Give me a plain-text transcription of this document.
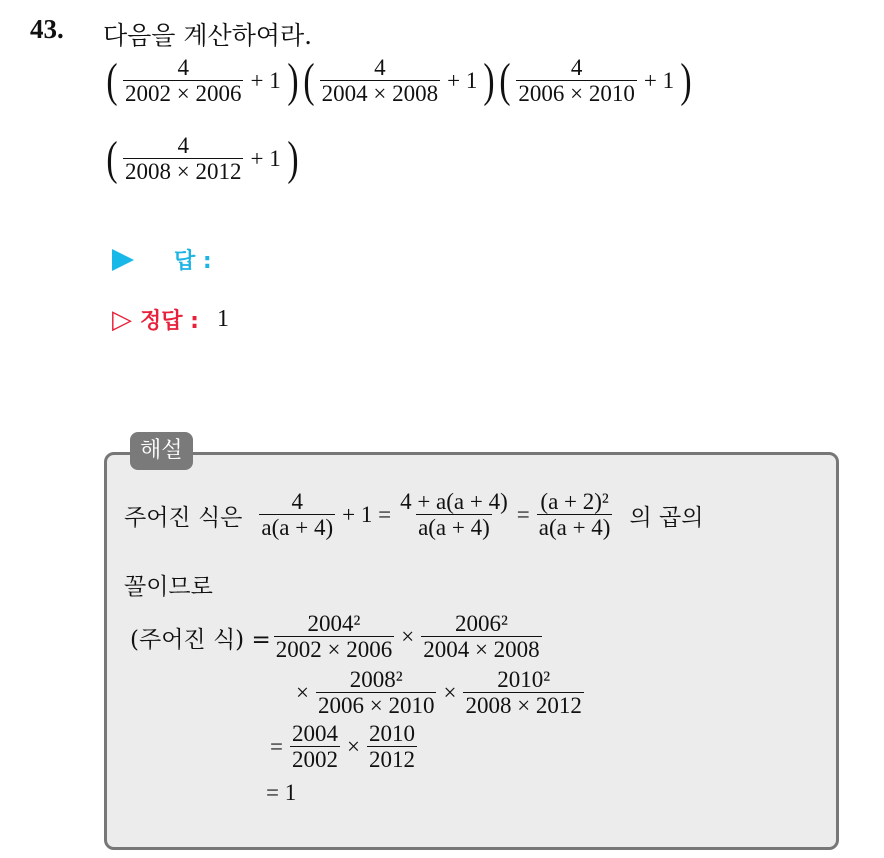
43. 다음을 계산하여라.
( $\frac{4}{2002 \times 2006} + 1$ ) ( $\frac{4}{2004 \times 2008} + 1$ ) ( $\frac{4}{2006 \times 2010} + 1$ )
( $\frac{4}{2008 \times 2012} + 1$ )
답 :
▷ 정답 : 1
해설
주어진 식은 $\frac{4}{a(a + 4)} + 1 = \frac{4 + a(a + 4)}{a(a + 4)} = \frac{\text{(a + 2)²}}{a(a + 4)}$ 의 곱의
꼴이므로
(주어진 식) = $\frac{\text{2004²}}{2002 \times 2006} \times \frac{\text{2006²}}{2004 \times 2008}$
× $\frac{\text{2008²}}{2006 \times 2010} \times \frac{\text{2010²}}{2008 \times 2012}$
= $\frac{2004}{2002} \times \frac{2010}{2012}$
= 1
